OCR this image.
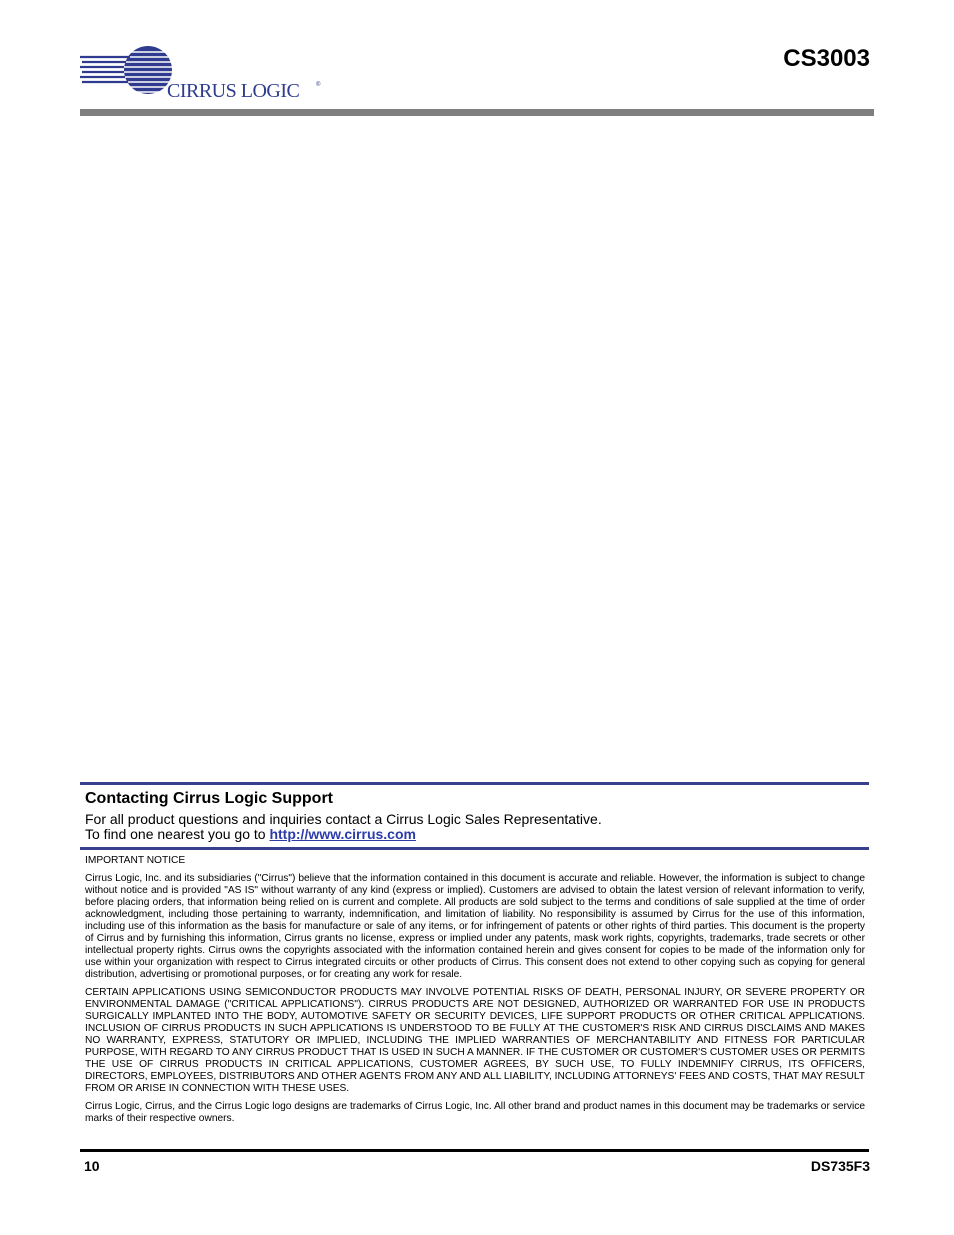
CIRRUS LOGIC	®
CS3003
Contacting Cirrus Logic Support
For all product questions and inquiries contact a Cirrus Logic Sales Representative.
To find one nearest you go to http://www.cirrus.com
IMPORTANT NOTICE

Cirrus Logic, Inc. and its subsidiaries ("Cirrus") believe that the information contained in this document is accurate and reliable. However, the information is subject to change without notice and is provided "AS IS" without warranty of any kind (express or implied). Customers are advised to obtain the latest version of relevant information to verify, before placing orders, that information being relied on is current and complete. All products are sold subject to the terms and conditions of sale supplied at the time of order acknowledgment, including those pertaining to warranty, indemnification, and limitation of liability. No responsibility is assumed by Cirrus for the use of this information, including use of this information as the basis for manufacture or sale of any items, or for infringement of patents or other rights of third parties. This document is the property of Cirrus and by furnishing this information, Cirrus grants no license, express or implied under any patents, mask work rights, copyrights, trademarks, trade secrets or other intellectual property rights. Cirrus owns the copyrights associated with the information contained herein and gives consent for copies to be made of the information only for use within your organization with respect to Cirrus integrated circuits or other products of Cirrus. This consent does not extend to other copying such as copying for general distribution, advertising or promotional purposes, or for creating any work for resale.

CERTAIN APPLICATIONS USING SEMICONDUCTOR PRODUCTS MAY INVOLVE POTENTIAL RISKS OF DEATH, PERSONAL INJURY, OR SEVERE PROPERTY OR ENVIRONMENTAL DAMAGE ("CRITICAL APPLICATIONS"). CIRRUS PRODUCTS ARE NOT DESIGNED, AUTHORIZED OR WARRANTED FOR USE IN PRODUCTS SURGICALLY IMPLANTED INTO THE BODY, AUTOMOTIVE SAFETY OR SECURITY DEVICES, LIFE SUPPORT PRODUCTS OR OTHER CRITICAL APPLICATIONS. INCLUSION OF CIRRUS PRODUCTS IN SUCH APPLICATIONS IS UNDERSTOOD TO BE FULLY AT THE CUSTOMER'S RISK AND CIRRUS DISCLAIMS AND MAKES NO WARRANTY, EXPRESS, STATUTORY OR IMPLIED, INCLUDING THE IMPLIED WARRANTIES OF MERCHANTABILITY AND FITNESS FOR PARTICULAR PURPOSE, WITH REGARD TO ANY CIRRUS PRODUCT THAT IS USED IN SUCH A MANNER. IF THE CUSTOMER OR CUSTOMER'S CUSTOMER USES OR PERMITS THE USE OF CIRRUS PRODUCTS IN CRITICAL APPLICATIONS, CUSTOMER AGREES, BY SUCH USE, TO FULLY INDEMNIFY CIRRUS, ITS OFFICERS, DIRECTORS, EMPLOYEES, DISTRIBUTORS AND OTHER AGENTS FROM ANY AND ALL LIABILITY, INCLUDING ATTORNEYS' FEES AND COSTS, THAT MAY RESULT FROM OR ARISE IN CONNECTION WITH THESE USES.

Cirrus Logic, Cirrus, and the Cirrus Logic logo designs are trademarks of Cirrus Logic, Inc. All other brand and product names in this document may be trademarks or service marks of their respective owners.

10	DS735F3
